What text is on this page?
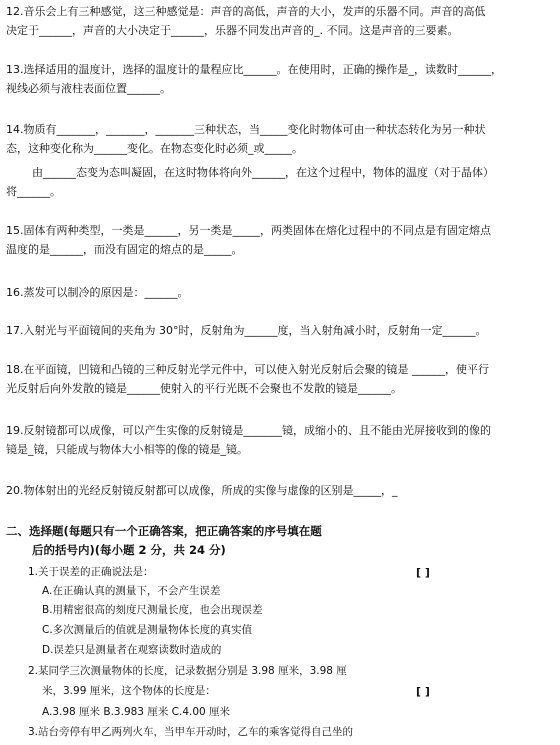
12.音乐会上有三种感觉，这三种感觉是：声音的高低，声音的大小，发声的乐器不同。声音的高低
决定于______，声音的大小决定于______，乐器不同发出声音的_. 不同。这是声音的三要素。
13.选择适用的温度计，选择的温度计的量程应比______。在使用时，正确的操作是_，读数时______，
视线必须与液柱表面位置______。
14.物质有_______，_______，_______三种状态，当_____变化时物体可由一种状态转化为另一种状
态，这种变化称为______变化。在物态变化时必须_或_____。
由______态变为态叫凝固，在这时物体将向外______，在这个过程中，物体的温度（对于晶体）
将______。
15.固体有两种类型，一类是______，另一类是_____，两类固体在熔化过程中的不同点是有固定熔点
温度的是______，而没有固定的熔点的是_____。
16.蒸发可以制冷的原因是：______。
17.入射光与平面镜间的夹角为 30°时，反射角为______度，当入射角减小时，反射角一定______。
18.在平面镜，凹镜和凸镜的三种反射光学元件中，可以使入射光反射后会聚的镜是 ______，使平行
光反射后向外发散的镜是______使射入的平行光既不会聚也不发散的镜是______。
19.反射镜都可以成像，可以产生实像的反射镜是_______镜，成缩小的、且不能由光屏接收到的像的
镜是_镜，只能成与物体大小相等的像的镜是_镜。
20.物体射出的光经反射镜反射都可以成像，所成的实像与虚像的区别是_____，_
二、选择题(每题只有一个正确答案，把正确答案的序号填在题
后的括号内)(每小题 2 分，共 24 分)
1.关于误差的正确说法是：	[ ]
A.在正确认真的测量下，不会产生误差
B.用精密很高的刻度尺测量长度，也会出现误差
C.多次测量后的值就是测量物体长度的真实值
D.误差只是测量者在观察读数时造成的
2.某同学三次测量物体的长度，记录数据分别是 3.98 厘米，3.98 厘
米，3.99 厘米，这个物体的长度是：	[ ]
A.3.98 厘米 B.3.983 厘米 C.4.00 厘米
3.站台旁停有甲乙两列火车，当甲车开动时，乙车的乘客觉得自己坐的
